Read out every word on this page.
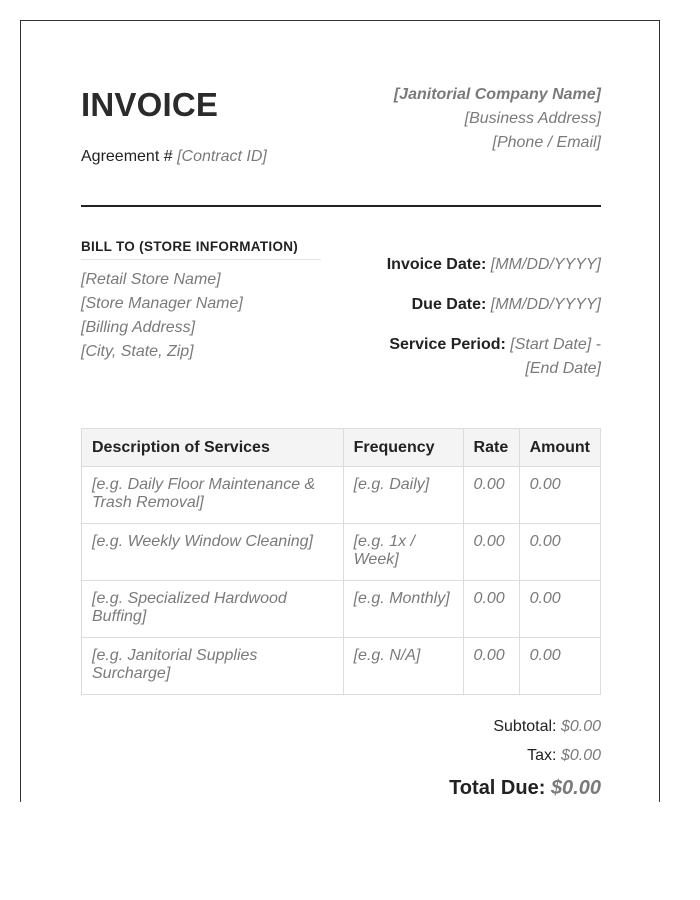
INVOICE
Agreement # [Contract ID]
[Janitorial Company Name]
[Business Address]
[Phone / Email]
BILL TO (STORE INFORMATION)
[Retail Store Name]
[Store Manager Name]
[Billing Address]
[City, State, Zip]
Invoice Date: [MM/DD/YYYY]
Due Date: [MM/DD/YYYY]
Service Period: [Start Date] - [End Date]
Description of Services	Frequency	Rate	Amount
[e.g. Daily Floor Maintenance & Trash Removal]	[e.g. Daily]	0.00	0.00
[e.g. Weekly Window Cleaning]	[e.g. 1x / Week]	0.00	0.00
[e.g. Specialized Hardwood Buffing]	[e.g. Monthly]	0.00	0.00
[e.g. Janitorial Supplies Surcharge]	[e.g. N/A]	0.00	0.00
Subtotal: $0.00
Tax: $0.00
Total Due: $0.00
